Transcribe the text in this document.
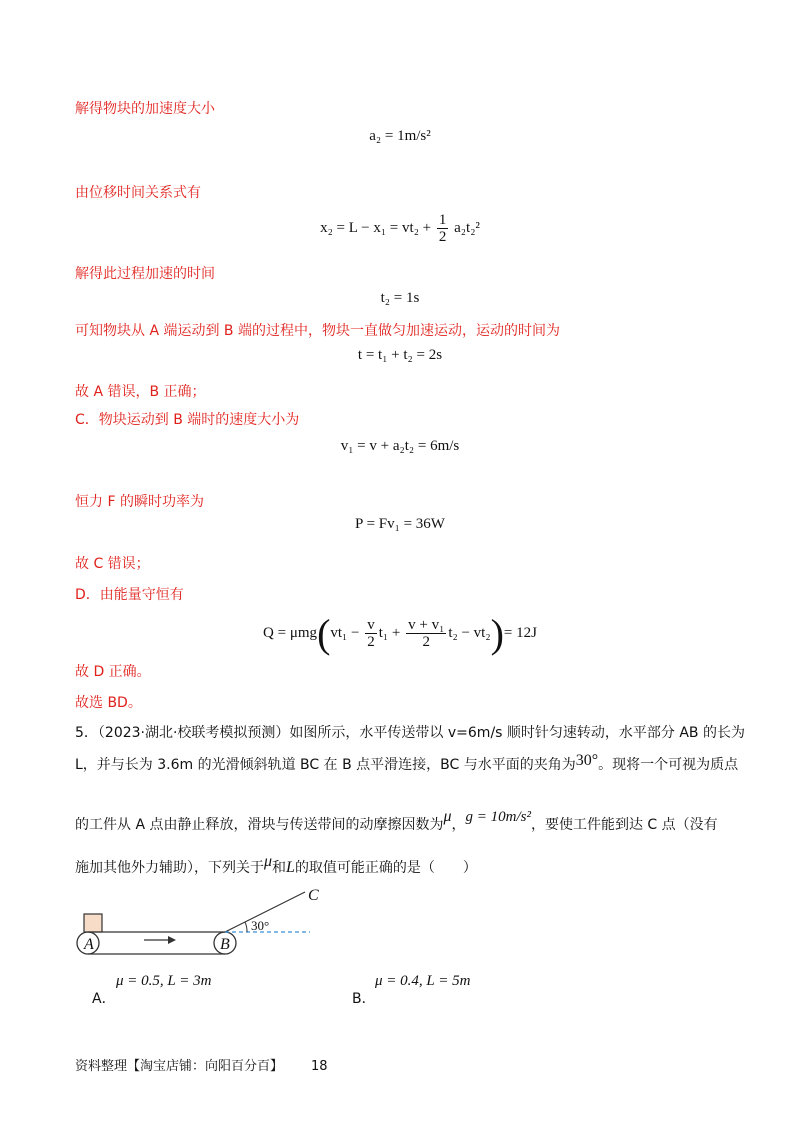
解得物块的加速度大小
a₂ = 1m/s²
由位移时间关系式有
$x_2 = L - x_1 = vt_2 + \frac{1}{2} a_2t_2^2$
解得此过程加速的时间
t₂ = 1s
可知物块从 A 端运动到 B 端的过程中，物块一直做匀加速运动，运动的时间为
t = t₁ + t₂ = 2s
故 A 错误，B 正确；
C．物块运动到 B 端时的速度大小为
v₁ = v + a₂t₂ = 6m/s
恒力 F 的瞬时功率为
P = Fv₁ = 36W
故 C 错误；
D．由能量守恒有
$Q = \mu mg(vt_1 - \frac{v}{2} t_1 + \frac{\text{v + v₁}}{2} t_2 - vt_2)= 12J$
故 D 正确。
故选 BD。
5．（2023·湖北·校联考模拟预测）如图所示，水平传送带以 v=6m/s 顺时针匀速转动，水平部分 AB 的长为
L，并与长为 3.6m 的光滑倾斜轨道 BC 在 B 点平滑连接，BC 与水平面的夹角为30°。现将一个可视为质点
的工件从 A 点由静止释放，滑块与传送带间的动摩擦因数为μ，g = 10m/s²，要使工件能到达 C 点（没有
施加其他外力辅助），下列关于μ和L的取值可能正确的是（　　）
A	B
C
30°
μ = 0.5, L = 3m
A．
μ = 0.4, L = 5m
B．
资料整理【淘宝店铺：向阳百分百】 18
